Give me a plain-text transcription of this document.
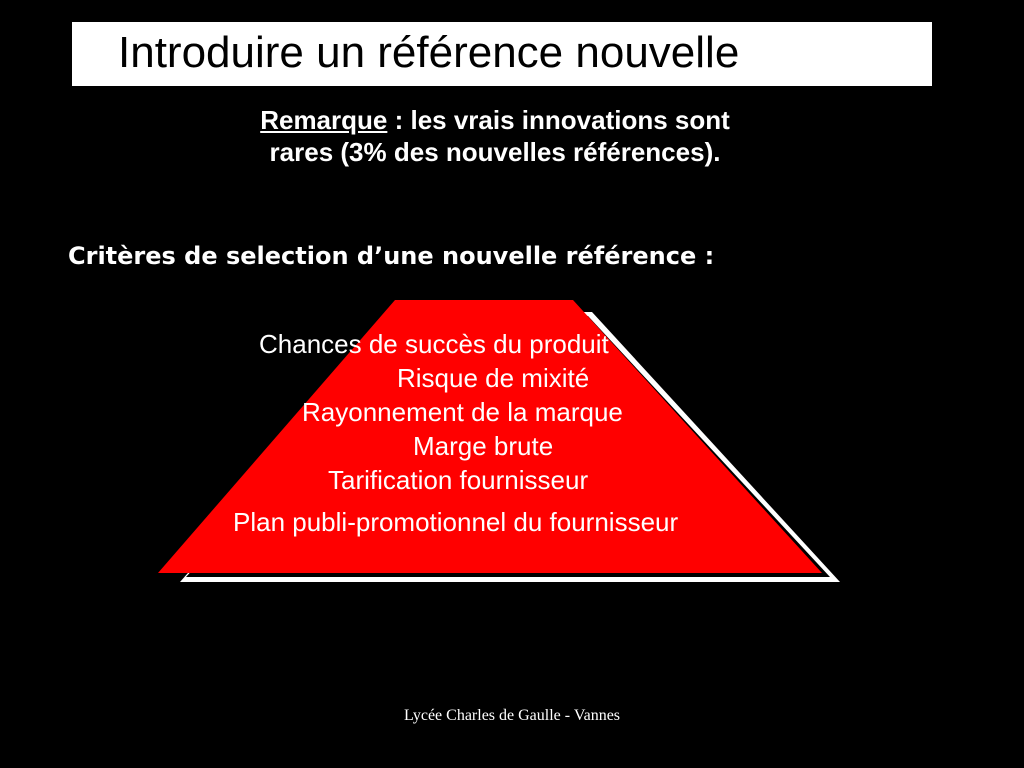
Introduire un référence nouvelle
Remarque : les vrais innovations sont
rares (3% des nouvelles références).
Critères de selection d’une nouvelle référence :
Chances de succès du produit
Risque de mixité
Rayonnement de la marque
Marge brute
Tarification fournisseur
Plan publi-promotionnel du fournisseur
Lycée Charles de Gaulle - Vannes
